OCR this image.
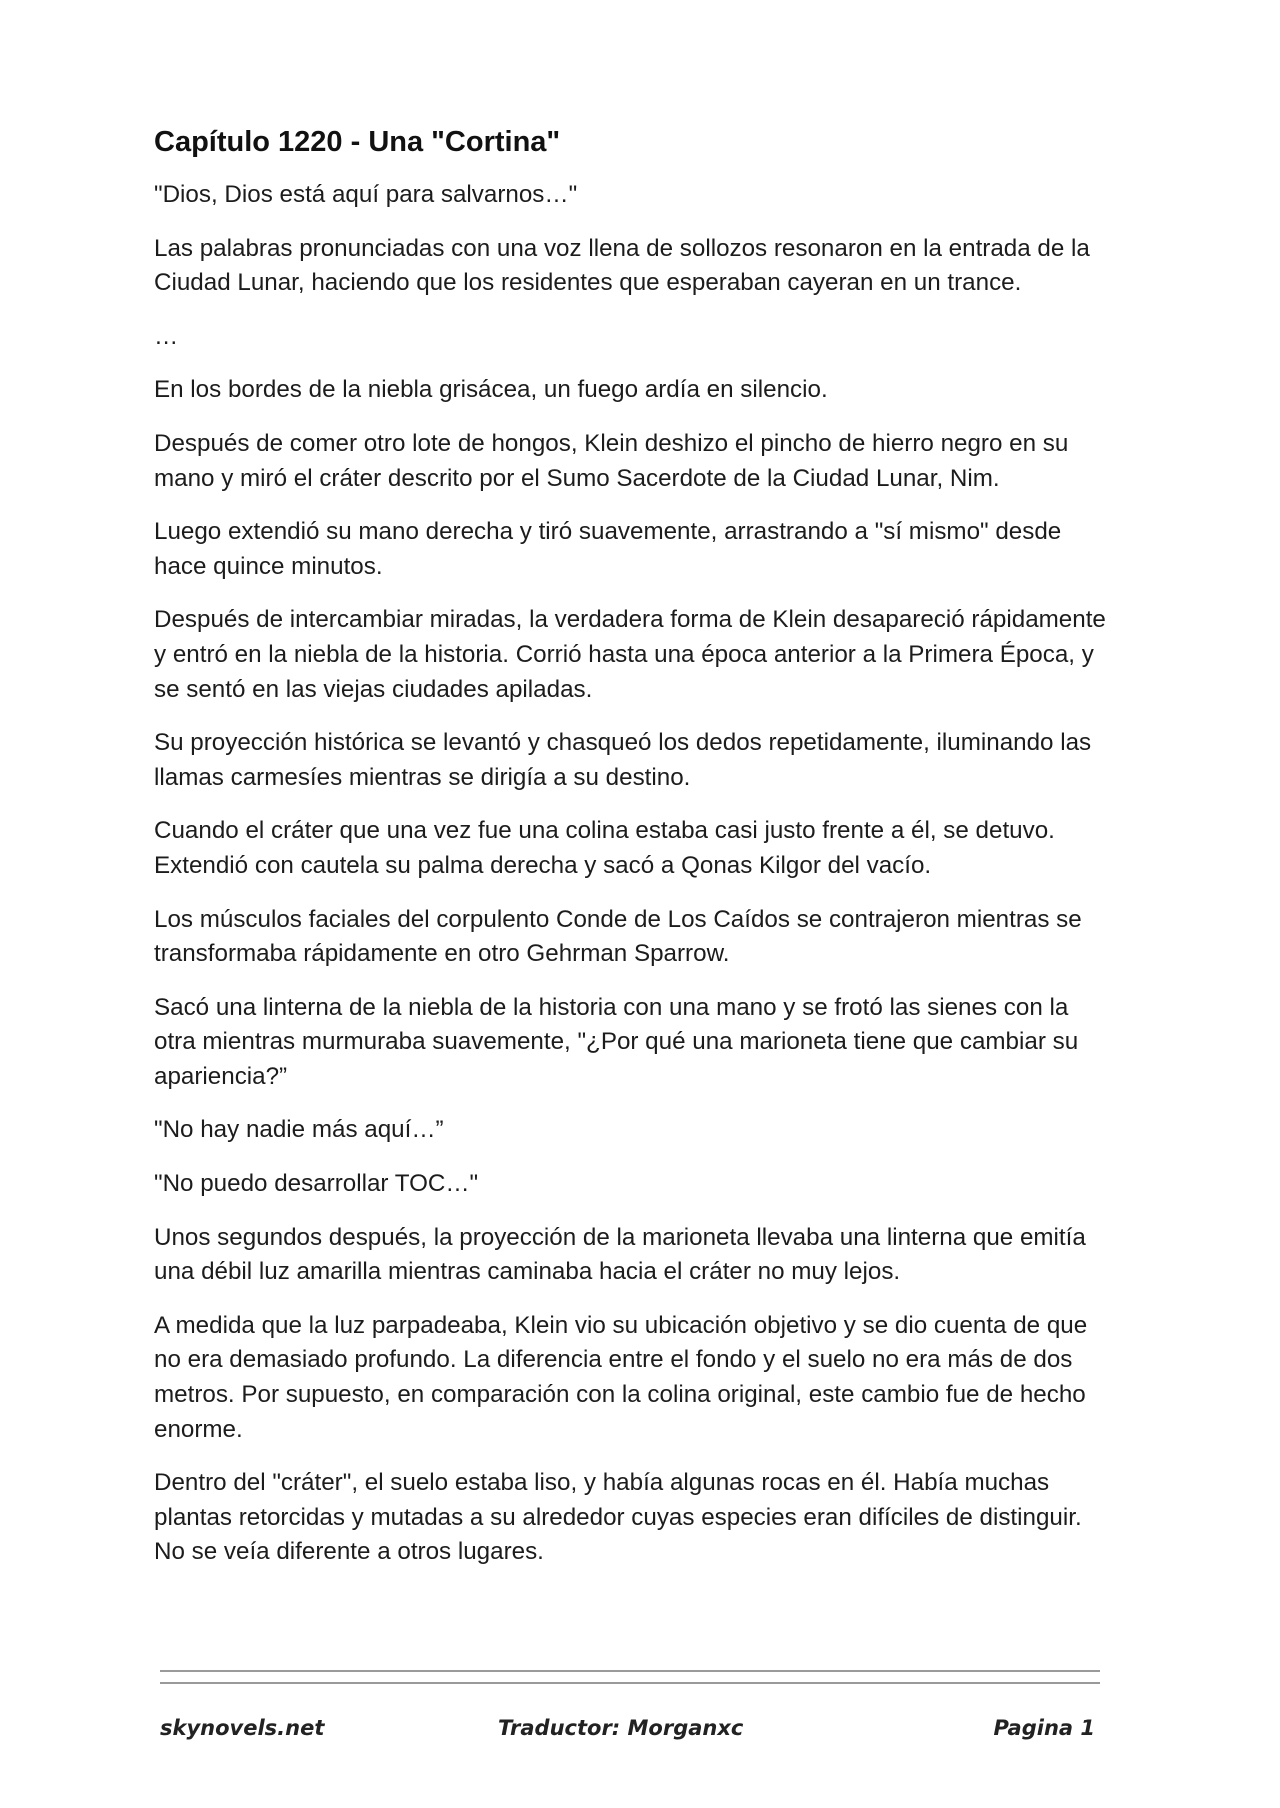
Capítulo 1220 - Una "Cortina"

"Dios, Dios está aquí para salvarnos…"

Las palabras pronunciadas con una voz llena de sollozos resonaron en la entrada de la Ciudad Lunar, haciendo que los residentes que esperaban cayeran en un trance.

…

En los bordes de la niebla grisácea, un fuego ardía en silencio.

Después de comer otro lote de hongos, Klein deshizo el pincho de hierro negro en su mano y miró el cráter descrito por el Sumo Sacerdote de la Ciudad Lunar, Nim.

Luego extendió su mano derecha y tiró suavemente, arrastrando a "sí mismo" desde hace quince minutos.

Después de intercambiar miradas, la verdadera forma de Klein desapareció rápidamente y entró en la niebla de la historia. Corrió hasta una época anterior a la Primera Época, y se sentó en las viejas ciudades apiladas.

Su proyección histórica se levantó y chasqueó los dedos repetidamente, iluminando las llamas carmesíes mientras se dirigía a su destino.

Cuando el cráter que una vez fue una colina estaba casi justo frente a él, se detuvo. Extendió con cautela su palma derecha y sacó a Qonas Kilgor del vacío.

Los músculos faciales del corpulento Conde de Los Caídos se contrajeron mientras se transformaba rápidamente en otro Gehrman Sparrow.

Sacó una linterna de la niebla de la historia con una mano y se frotó las sienes con la otra mientras murmuraba suavemente, "¿Por qué una marioneta tiene que cambiar su apariencia?”

"No hay nadie más aquí…”

"No puedo desarrollar TOC…"

Unos segundos después, la proyección de la marioneta llevaba una linterna que emitía una débil luz amarilla mientras caminaba hacia el cráter no muy lejos.

A medida que la luz parpadeaba, Klein vio su ubicación objetivo y se dio cuenta de que no era demasiado profundo. La diferencia entre el fondo y el suelo no era más de dos metros. Por supuesto, en comparación con la colina original, este cambio fue de hecho enorme.

Dentro del "cráter", el suelo estaba liso, y había algunas rocas en él. Había muchas plantas retorcidas y mutadas a su alrededor cuyas especies eran difíciles de distinguir. No se veía diferente a otros lugares.

skynovels.net	Traductor: Morganxc	Pagina 1
